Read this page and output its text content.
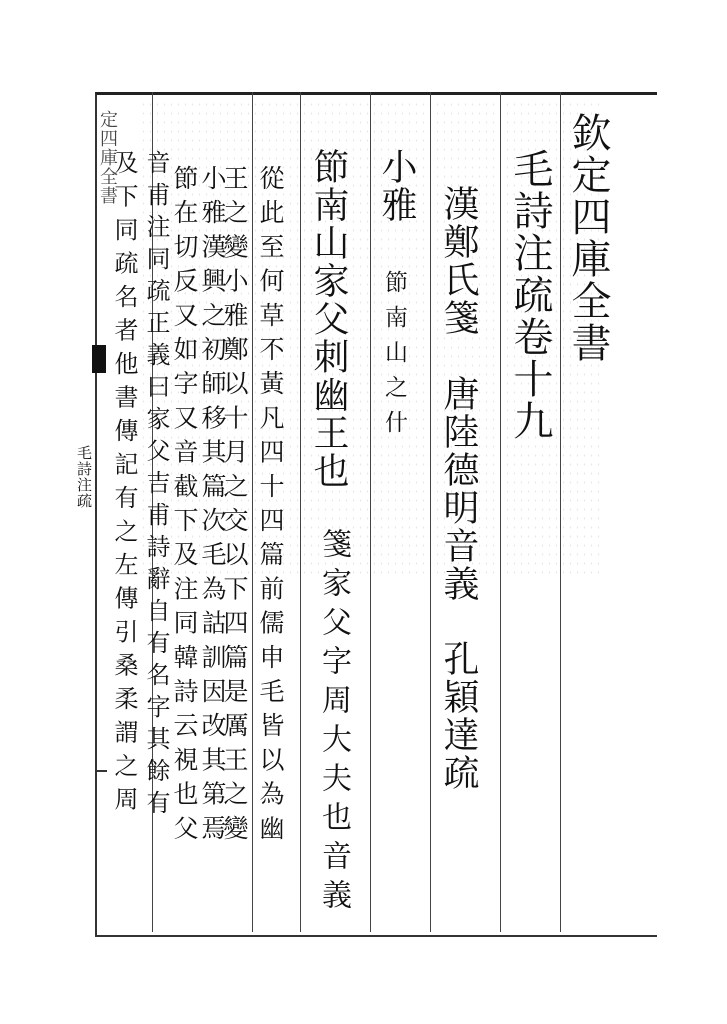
欽定四庫全書
毛詩注疏卷十九
漢鄭氏箋　唐陸德明音義
孔穎達疏
小雅
節南山之什
節南山家父刺幽王也
箋家父字周大夫也音義
從此至何草不黃凡四十四篇前儒申毛皆以為幽
王之變小雅鄭以十月之交以下四篇是厲王之變
小雅漢興之初師移其篇次毛為詁訓因改其第焉
節在切反又如字又音截下及注同韓詩云視也父
音甫注同疏正義曰家父吉甫詩辭自有名字其餘有
及下同疏名者他書傳記有之左傳引桑柔謂之周
定四庫全書
毛詩注疏
